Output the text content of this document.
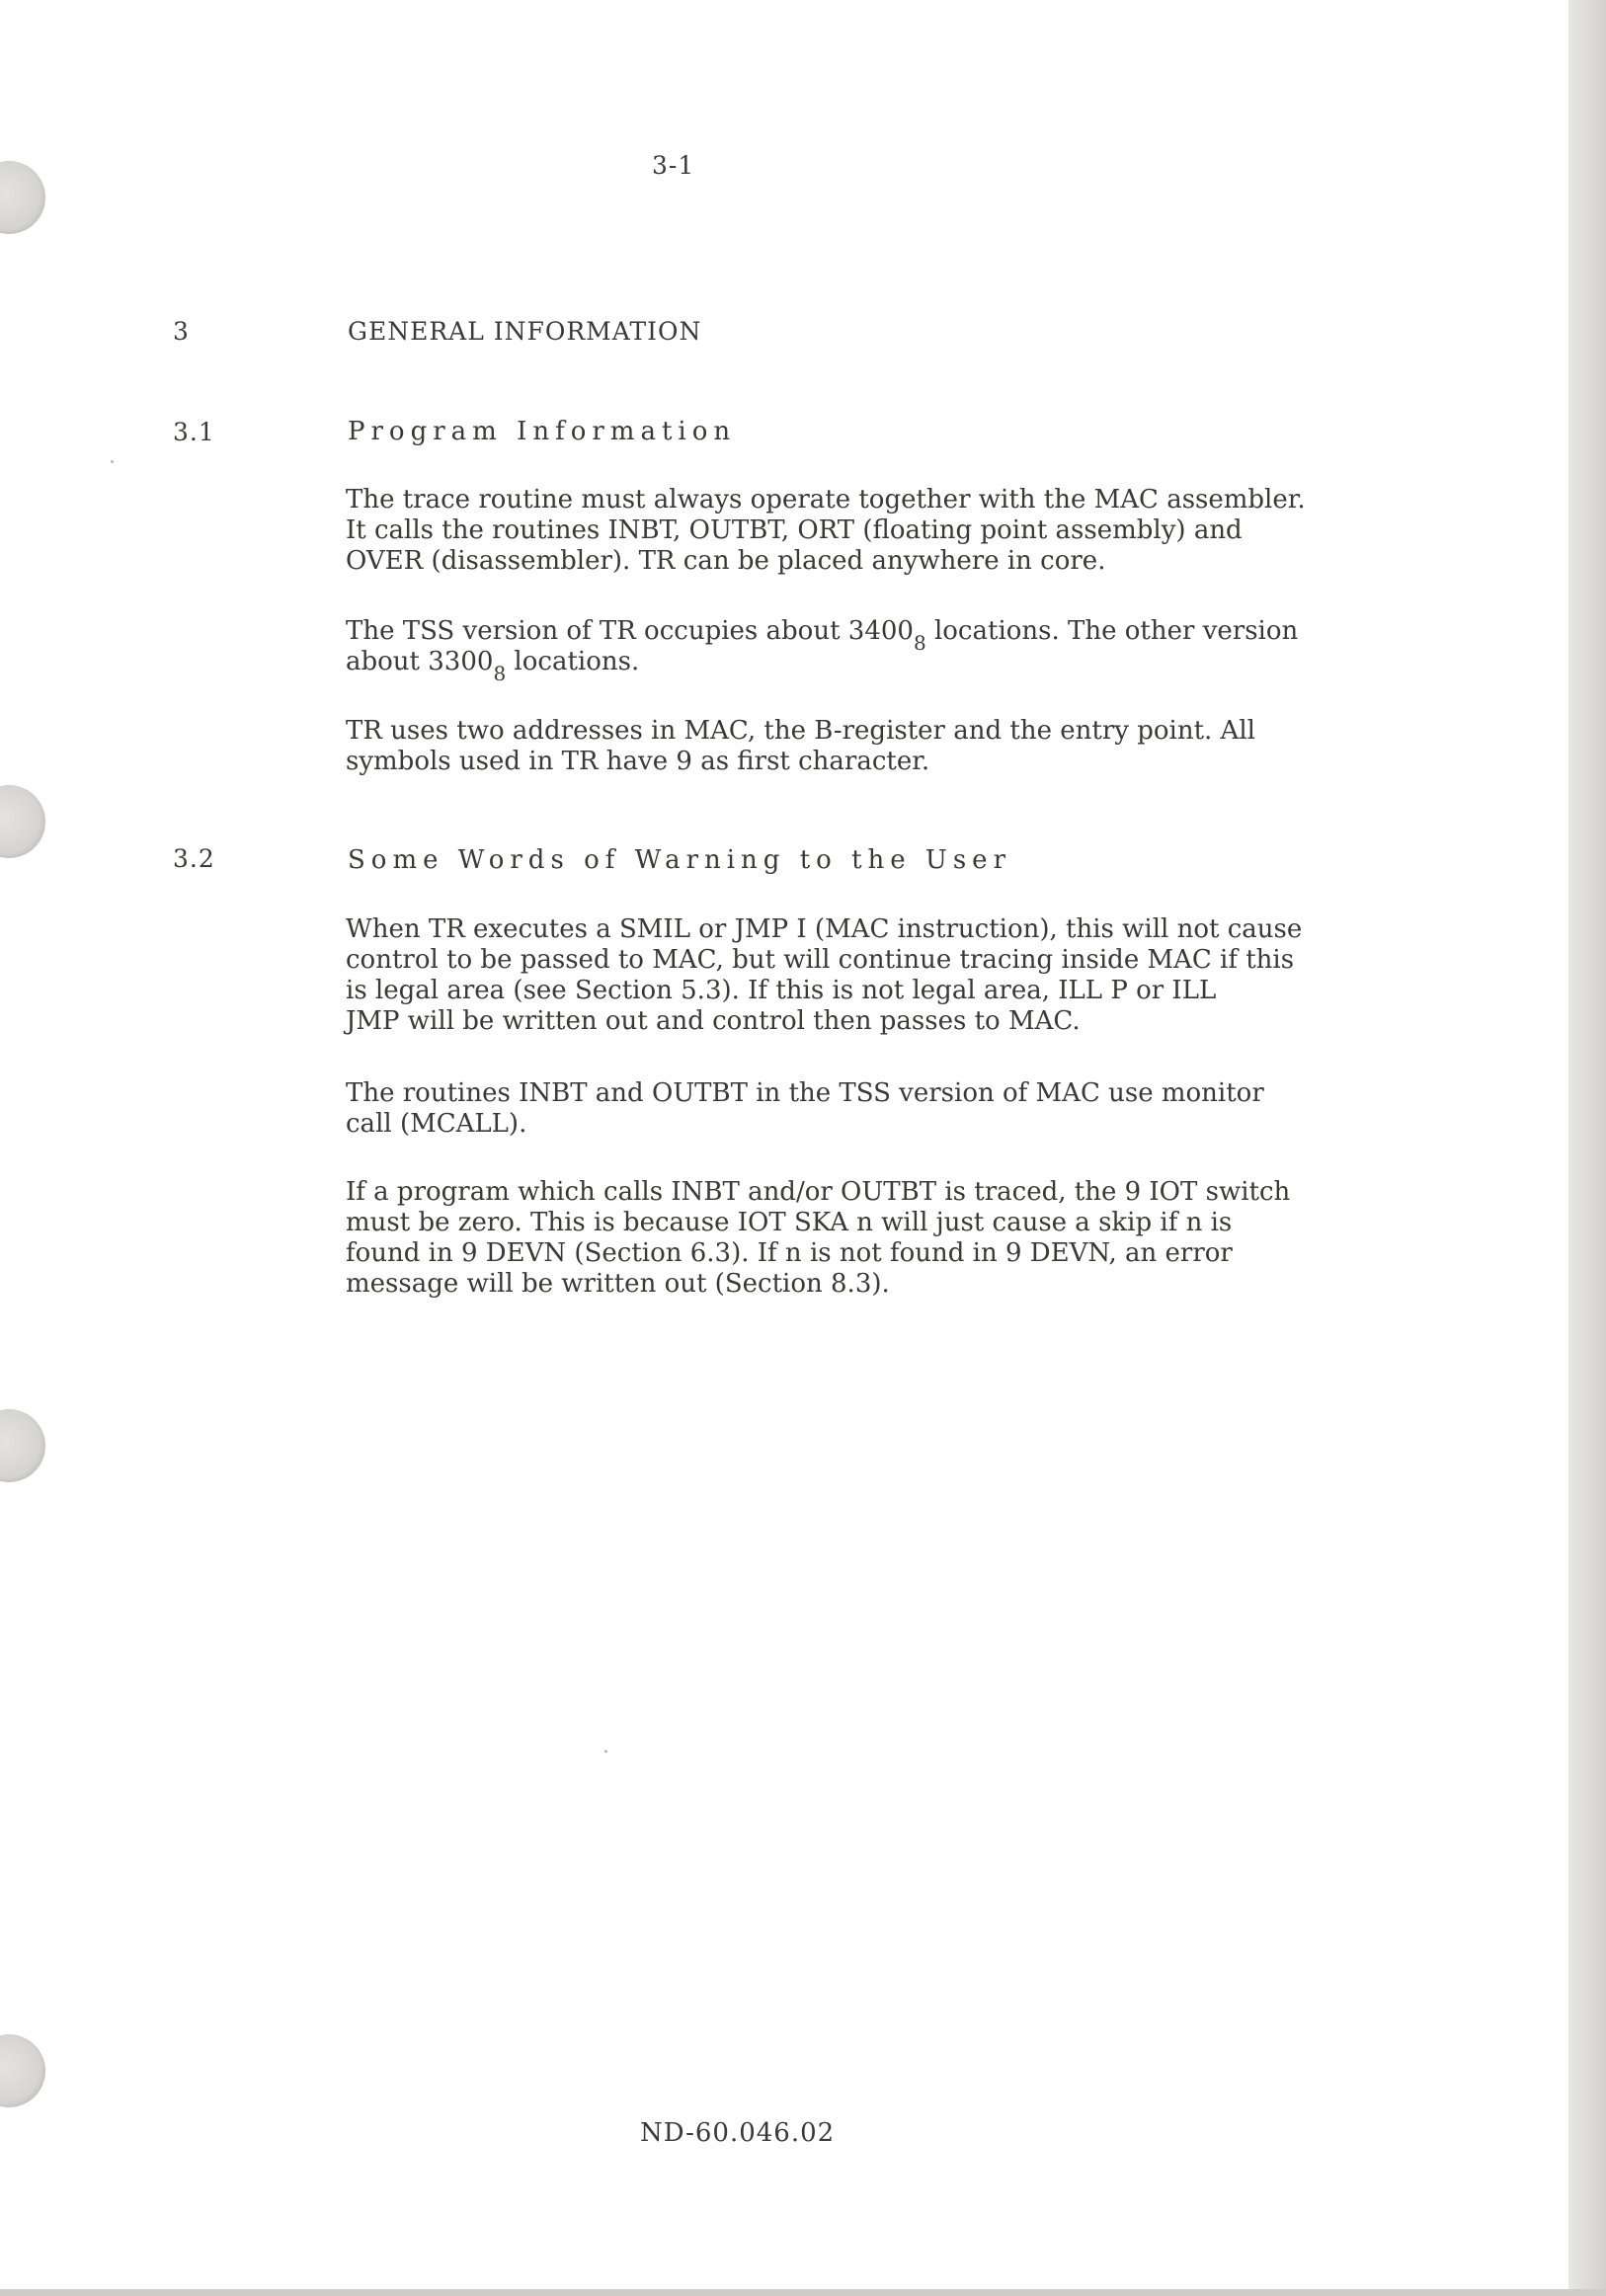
3-1
3	GENERAL INFORMATION
3.1	Program Information
The trace routine must always operate together with the MAC assembler.
It calls the routines INBT, OUTBT, ORT (floating point assembly) and
OVER (disassembler). TR can be placed anywhere in core.
The TSS version of TR occupies about $3400_8$ locations. The other version
about $3300_8$ locations.
TR uses two addresses in MAC, the B-register and the entry point. All
symbols used in TR have 9 as first character.
3.2	Some Words of Warning to the User
When TR executes a SMIL or JMP I (MAC instruction), this will not cause
control to be passed to MAC, but will continue tracing inside MAC if this
is legal area (see Section 5.3). If this is not legal area, ILL P or ILL
JMP will be written out and control then passes to MAC.
The routines INBT and OUTBT in the TSS version of MAC use monitor
call (MCALL).
If a program which calls INBT and/or OUTBT is traced, the 9 IOT switch
must be zero. This is because IOT SKA n will just cause a skip if n is
found in 9 DEVN (Section 6.3). If n is not found in 9 DEVN, an error
message will be written out (Section 8.3).
ND-60.046.02
